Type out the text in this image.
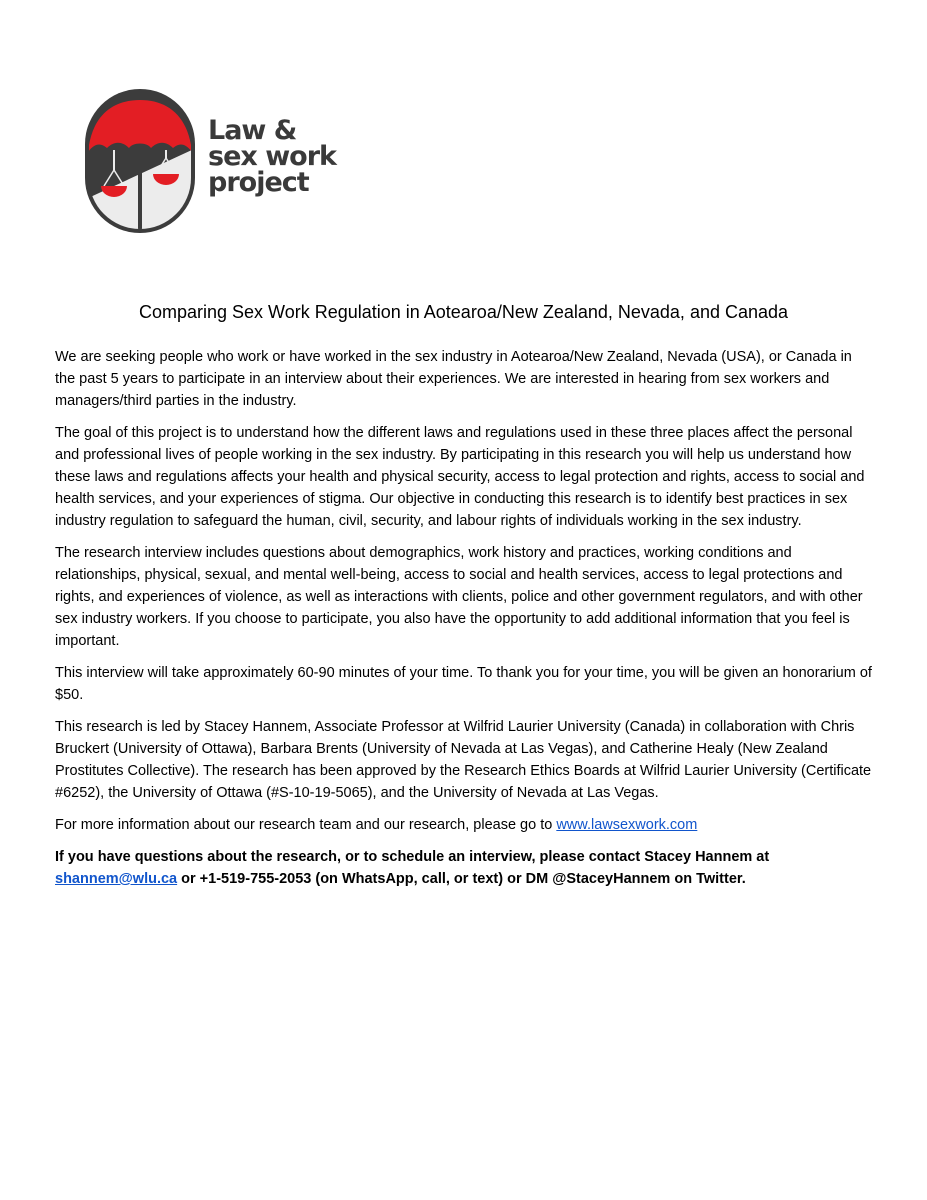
Law &
sex work
project
Comparing Sex Work Regulation in Aotearoa/New Zealand, Nevada, and Canada

We are seeking people who work or have worked in the sex industry in Aotearoa/New Zealand, Nevada (USA), or Canada in the past 5 years to participate in an interview about their experiences. We are interested in hearing from sex workers and managers/third parties in the industry.

The goal of this project is to understand how the different laws and regulations used in these three places affect the personal and professional lives of people working in the sex industry. By participating in this research you will help us understand how these laws and regulations affects your health and physical security, access to legal protection and rights, access to social and health services, and your experiences of stigma. Our objective in conducting this research is to identify best practices in sex industry regulation to safeguard the human, civil, security, and labour rights of individuals working in the sex industry.

The research interview includes questions about demographics, work history and practices, working conditions and relationships, physical, sexual, and mental well-being, access to social and health services, access to legal protections and rights, and experiences of violence, as well as interactions with clients, police and other government regulators, and with other sex industry workers. If you choose to participate, you also have the opportunity to add additional information that you feel is important.

This interview will take approximately 60-90 minutes of your time. To thank you for your time, you will be given an honorarium of $50.

This research is led by Stacey Hannem, Associate Professor at Wilfrid Laurier University (Canada) in collaboration with Chris Bruckert (University of Ottawa), Barbara Brents (University of Nevada at Las Vegas), and Catherine Healy (New Zealand Prostitutes Collective). The research has been approved by the Research Ethics Boards at Wilfrid Laurier University (Certificate #6252), the University of Ottawa (#S-10-19-5065), and the University of Nevada at Las Vegas.

For more information about our research team and our research, please go to www.lawsexwork.com

If you have questions about the research, or to schedule an interview, please contact Stacey Hannem at shannem@wlu.ca or +1-519-755-2053 (on WhatsApp, call, or text) or DM @StaceyHannem on Twitter.
